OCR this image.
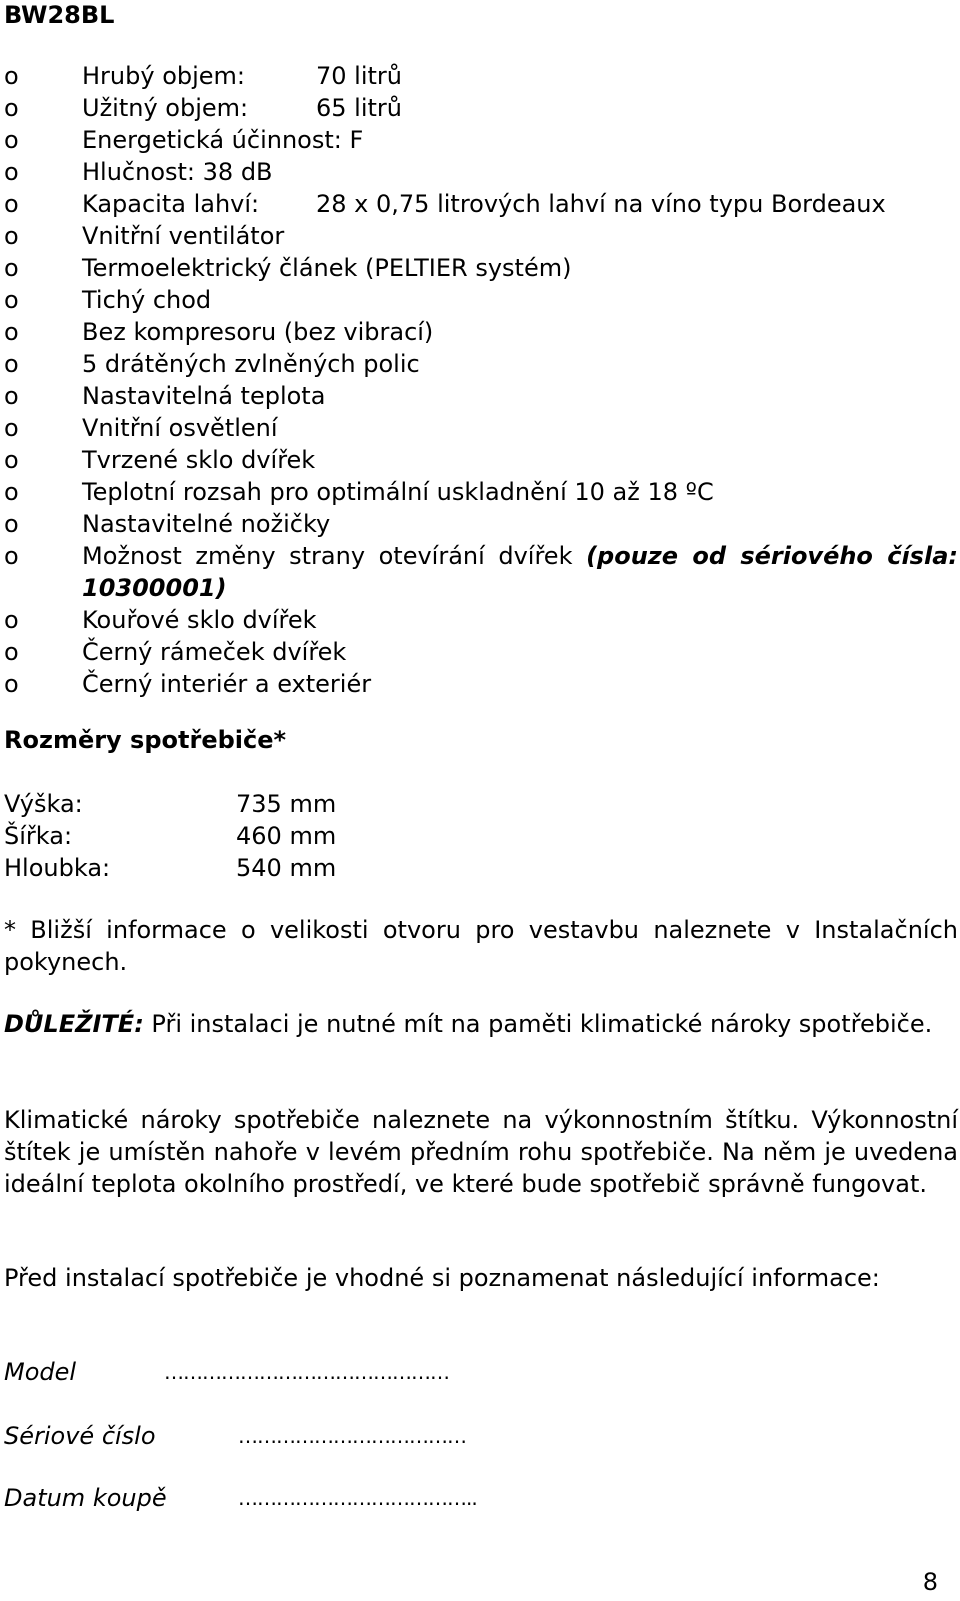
BW28BL
o	Hrubý objem:	70 litrů
o	Užitný objem:	65 litrů
o	Energetická účinnost: F
o	Hlučnost: 38 dB
o	Kapacita lahví: 28 x 0,75 litrových lahví na víno typu Bordeaux
o	Vnitřní ventilátor
o	Termoelektrický článek (PELTIER systém)
o	Tichý chod
o	Bez kompresoru (bez vibrací)
o	5 drátěných zvlněných polic
o	Nastavitelná teplota
o	Vnitřní osvětlení
o	Tvrzené sklo dvířek
o	Teplotní rozsah pro optimální uskladnění 10 až 18 ºC
o	Nastavitelné nožičky
o	Možnost změny strany otevírání dvířek (pouze od sériového čísla: 10300001)
o	Kouřové sklo dvířek
o	Černý rámeček dvířek
o	Černý interiér a exteriér
Rozměry spotřebiče*
Výška:	735 mm
Šířka:	460 mm
Hloubka:	540 mm

* Bližší informace o velikosti otvoru pro vestavbu naleznete v Instalačních pokynech.

DŮLEŽITÉ: Při instalaci je nutné mít na paměti klimatické nároky spotřebiče.

Klimatické nároky spotřebiče naleznete na výkonnostním štítku. Výkonnostní štítek je umístěn nahoře v levém předním rohu spotřebiče. Na něm je uvedena ideální teplota okolního prostředí, ve které bude spotřebič správně fungovat.

Před instalací spotřebiče je vhodné si poznamenat následující informace:

Model	………………………………………
Sériové číslo	………………………………
Datum koupě	………………………………..
8
